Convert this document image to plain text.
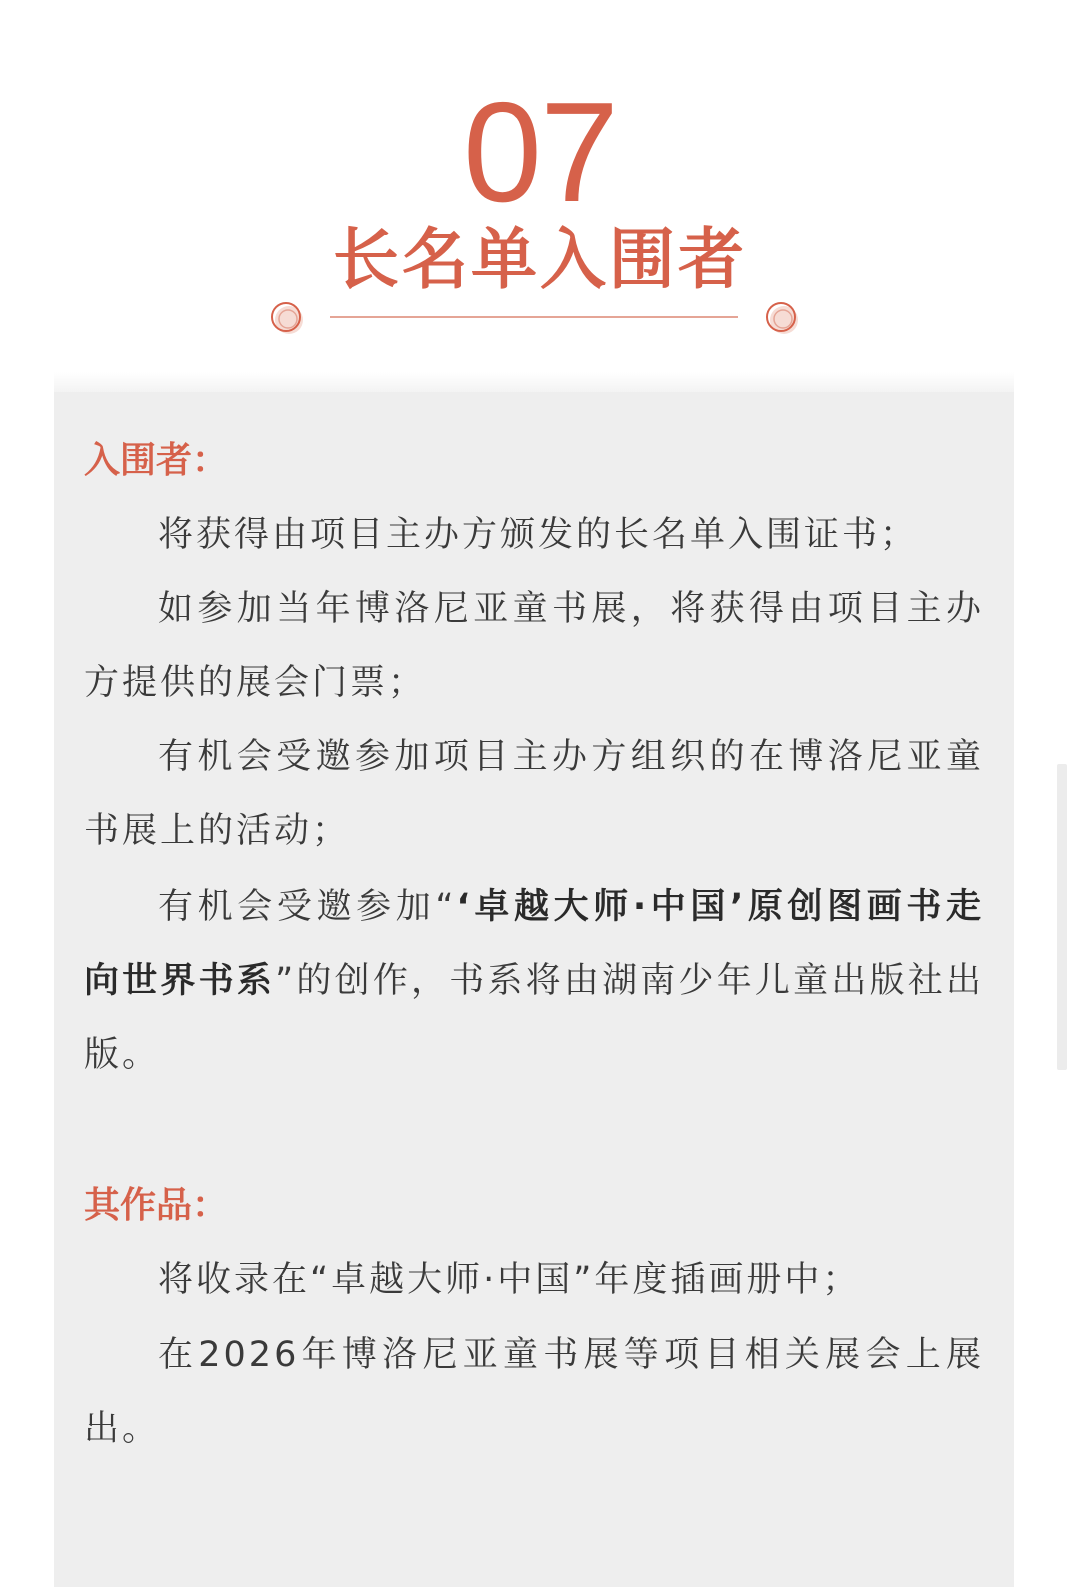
07
长名单入围者
入围者：
将获得由项目主办方颁发的长名单入围证书；
如参加当年博洛尼亚童书展，将获得由项目主办方提供的展会门票；
有机会受邀参加项目主办方组织的在博洛尼亚童书展上的活动；
有机会受邀参加“‘卓越大师·中国’原创图画书走向世界书系”的创作，书系将由湖南少年儿童出版社出版。
其作品：
将收录在“卓越大师·中国”年度插画册中；
在2026年博洛尼亚童书展等项目相关展会上展出。
